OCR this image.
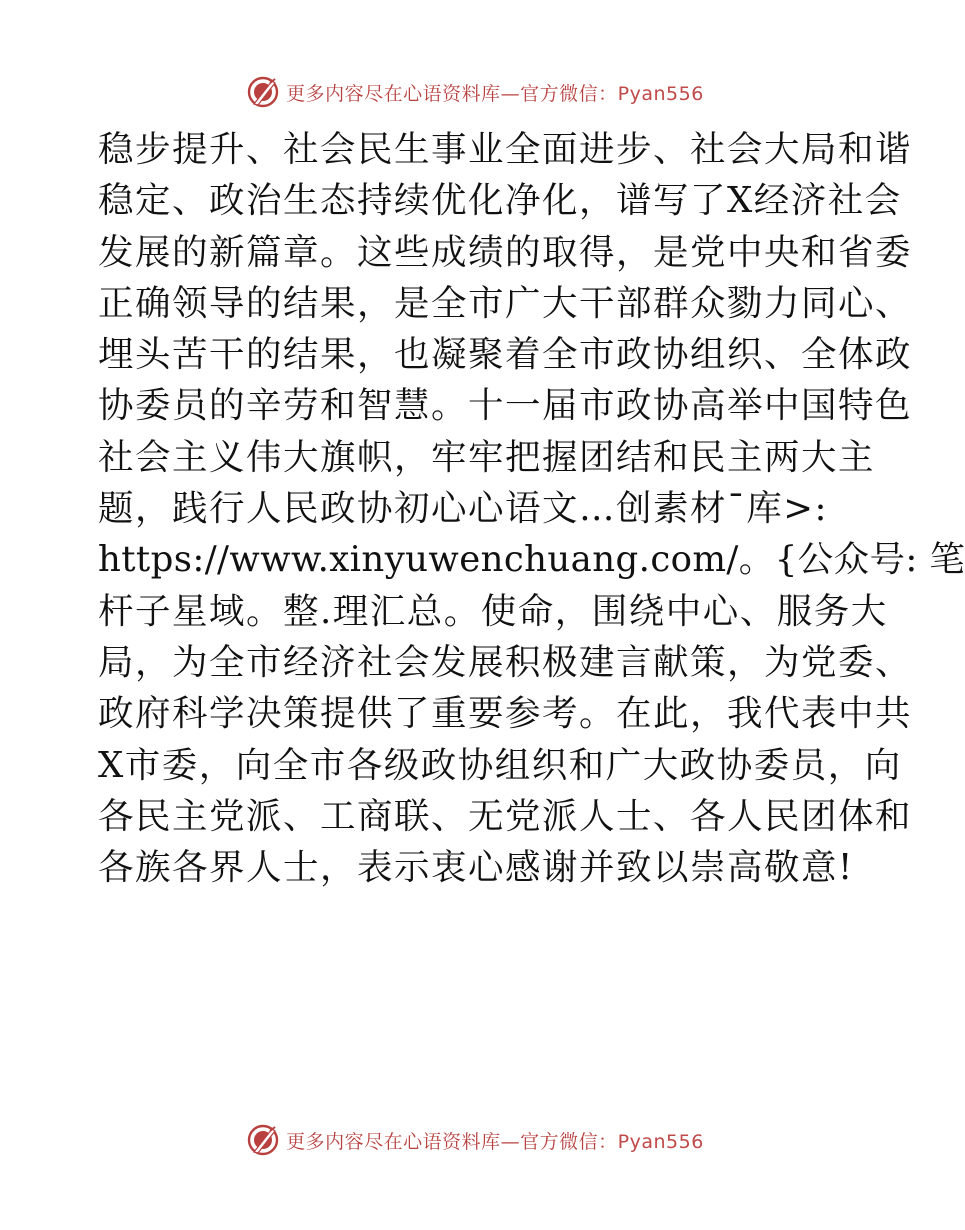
更多内容尽在心语资料库—官方微信：Pyan556
稳步提升、社会民生事业全面进步、社会大局和谐
稳定、政治生态持续优化净化，谱写了X经济社会
发展的新篇章。这些成绩的取得，是党中央和省委
正确领导的结果，是全市广大干部群众勠力同心、
埋头苦干的结果，也凝聚着全市政协组织、全体政
协委员的辛劳和智慧。十一届市政协高举中国特色
社会主义伟大旗帜，牢牢把握团结和民主两大主
题，践行人民政协初心心语文…创素材¯库>:
https://www.xinyuwenchuang.com/。{公众号: 笔
杆子星域。整.理汇总。使命，围绕中心、服务大
局，为全市经济社会发展积极建言献策，为党委、
政府科学决策提供了重要参考。在此，我代表中共
X市委，向全市各级政协组织和广大政协委员，向
各民主党派、工商联、无党派人士、各人民团体和
各族各界人士，表示衷心感谢并致以崇高敬意!
更多内容尽在心语资料库—官方微信：Pyan556
